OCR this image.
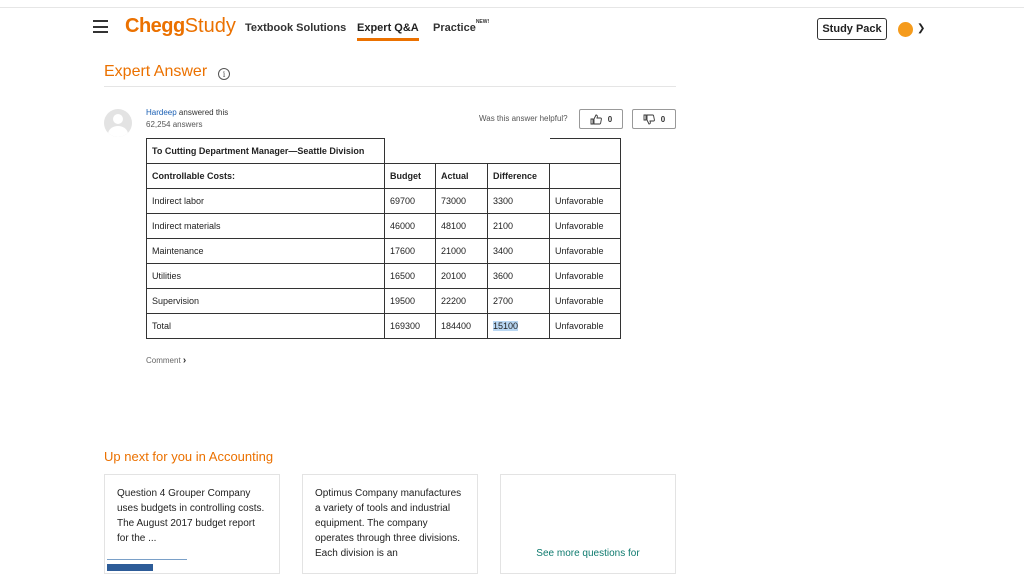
CheggStudy Textbook Solutions Expert Q&A Practice$^{NEW!}$
Study Pack	❯
Expert Answer	i
Hardeep answered this
62,254 answers
Was this answer helpful?	0	0
To Cutting Department Manager—Seattle Division				
Controllable Costs:	Budget	Actual	Difference	
Indirect labor	69700	73000	3300	Unfavorable
Indirect materials	46000	48100	2100	Unfavorable
Maintenance	17600	21000	3400	Unfavorable
Utilities	16500	20100	3600	Unfavorable
Supervision	19500	22200	2700	Unfavorable
Total	169300	184400	15100	Unfavorable
Comment ›
Up next for you in Accounting
Question 4 Grouper Company uses budgets in controlling costs. The August 2017 budget report for the ...
Optimus Company manufactures a variety of tools and industrial equipment. The company operates through three divisions. Each division is an	See more questions for
